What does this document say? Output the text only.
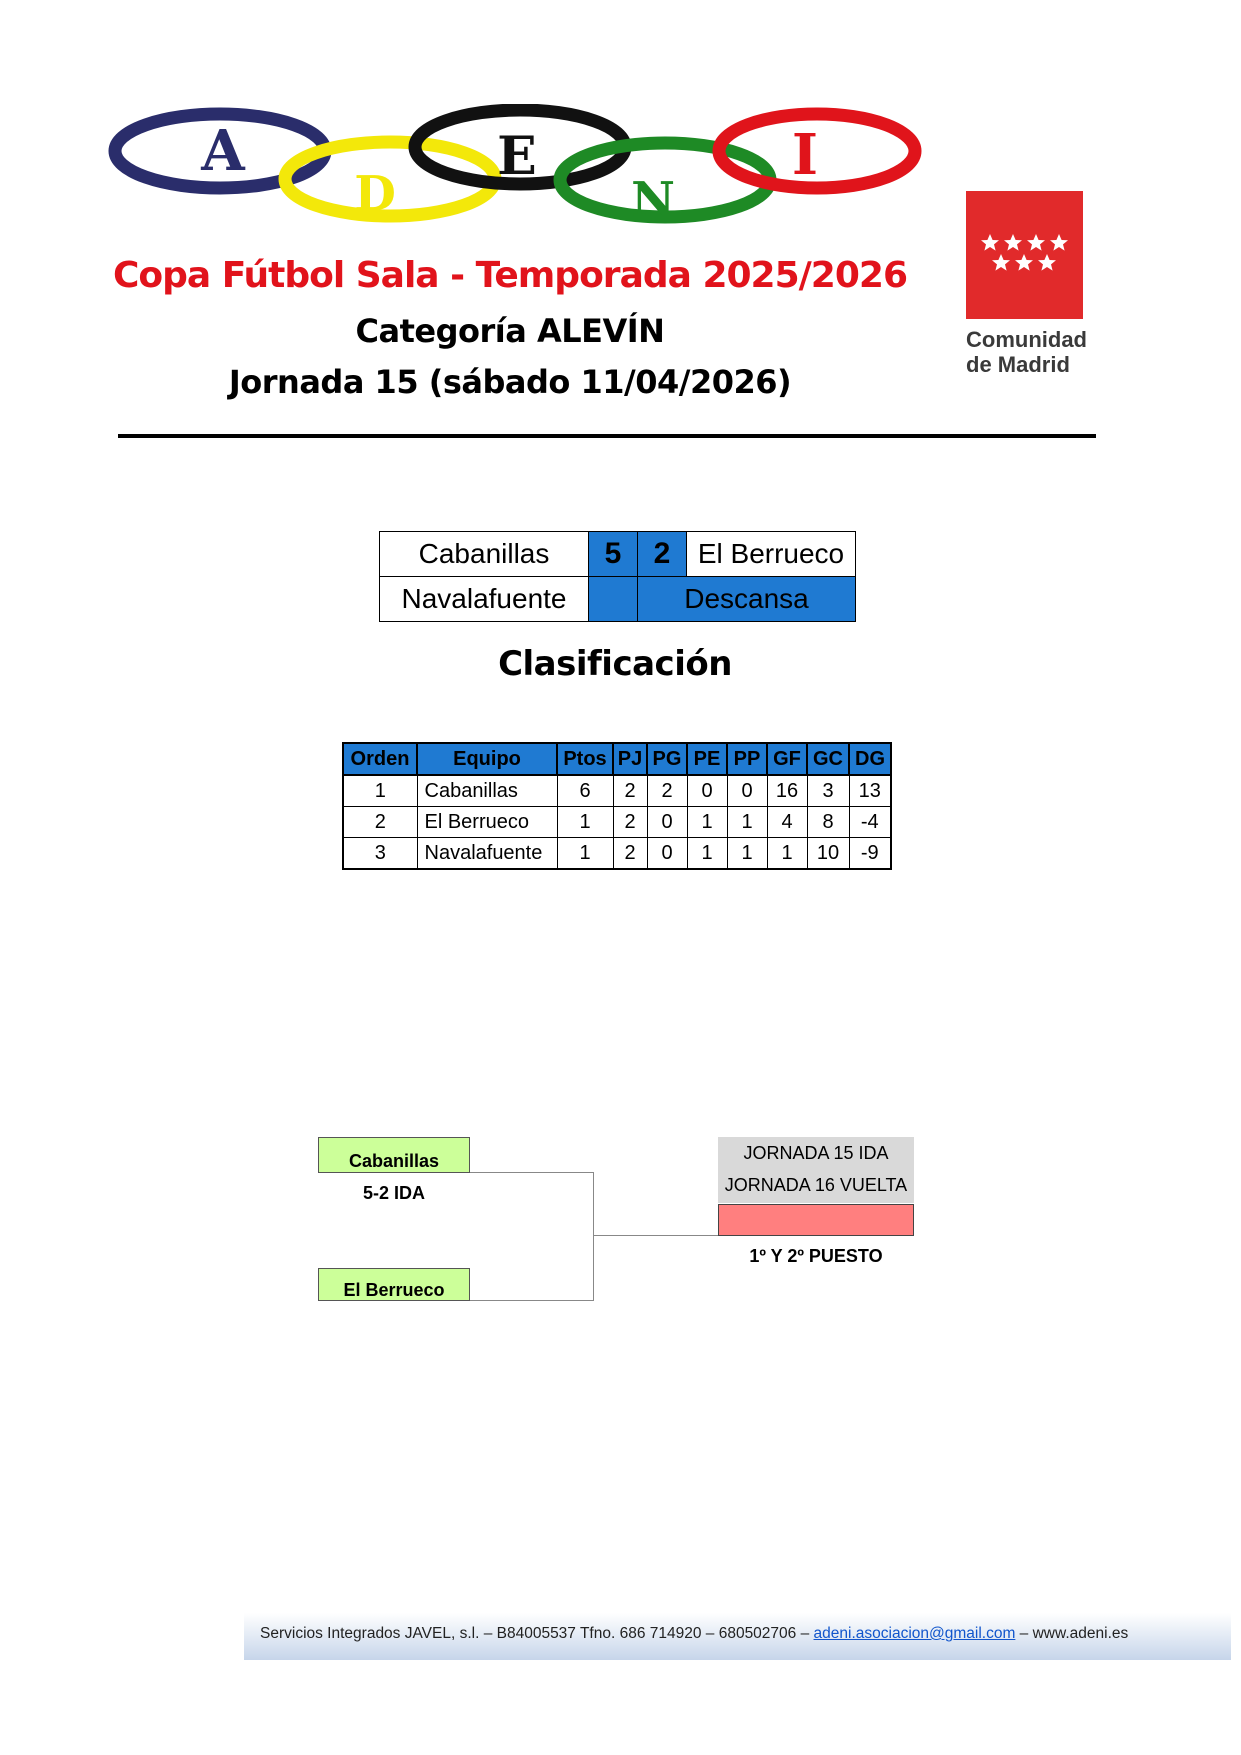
A
D
E
N
I
Comunidad
de Madrid
Copa Fútbol Sala - Temporada 2025/2026
Categoría ALEVÍN
Jornada 15 (sábado 11/04/2026)
Cabanillas	5	2	El Berrueco
Navalafuente		Descansa	
Clasificación
Orden	Equipo	Ptos	PJ	PG	PE	PP	GF	GC	DG
1	Cabanillas	6	2	2	0	0	16	3	13
2	El Berrueco	1	2	0	1	1	4	8	-4
3	Navalafuente	1	2	0	1	1	1	10	-9
Cabanillas
5-2 IDA
El Berrueco
JORNADA 15 IDA
JORNADA 16 VUELTA
1º Y 2º PUESTO
Servicios Integrados JAVEL, s.l. – B84005537 Tfno. 686 714920 – 680502706 – adeni.asociacion@gmail.com – www.adeni.es
